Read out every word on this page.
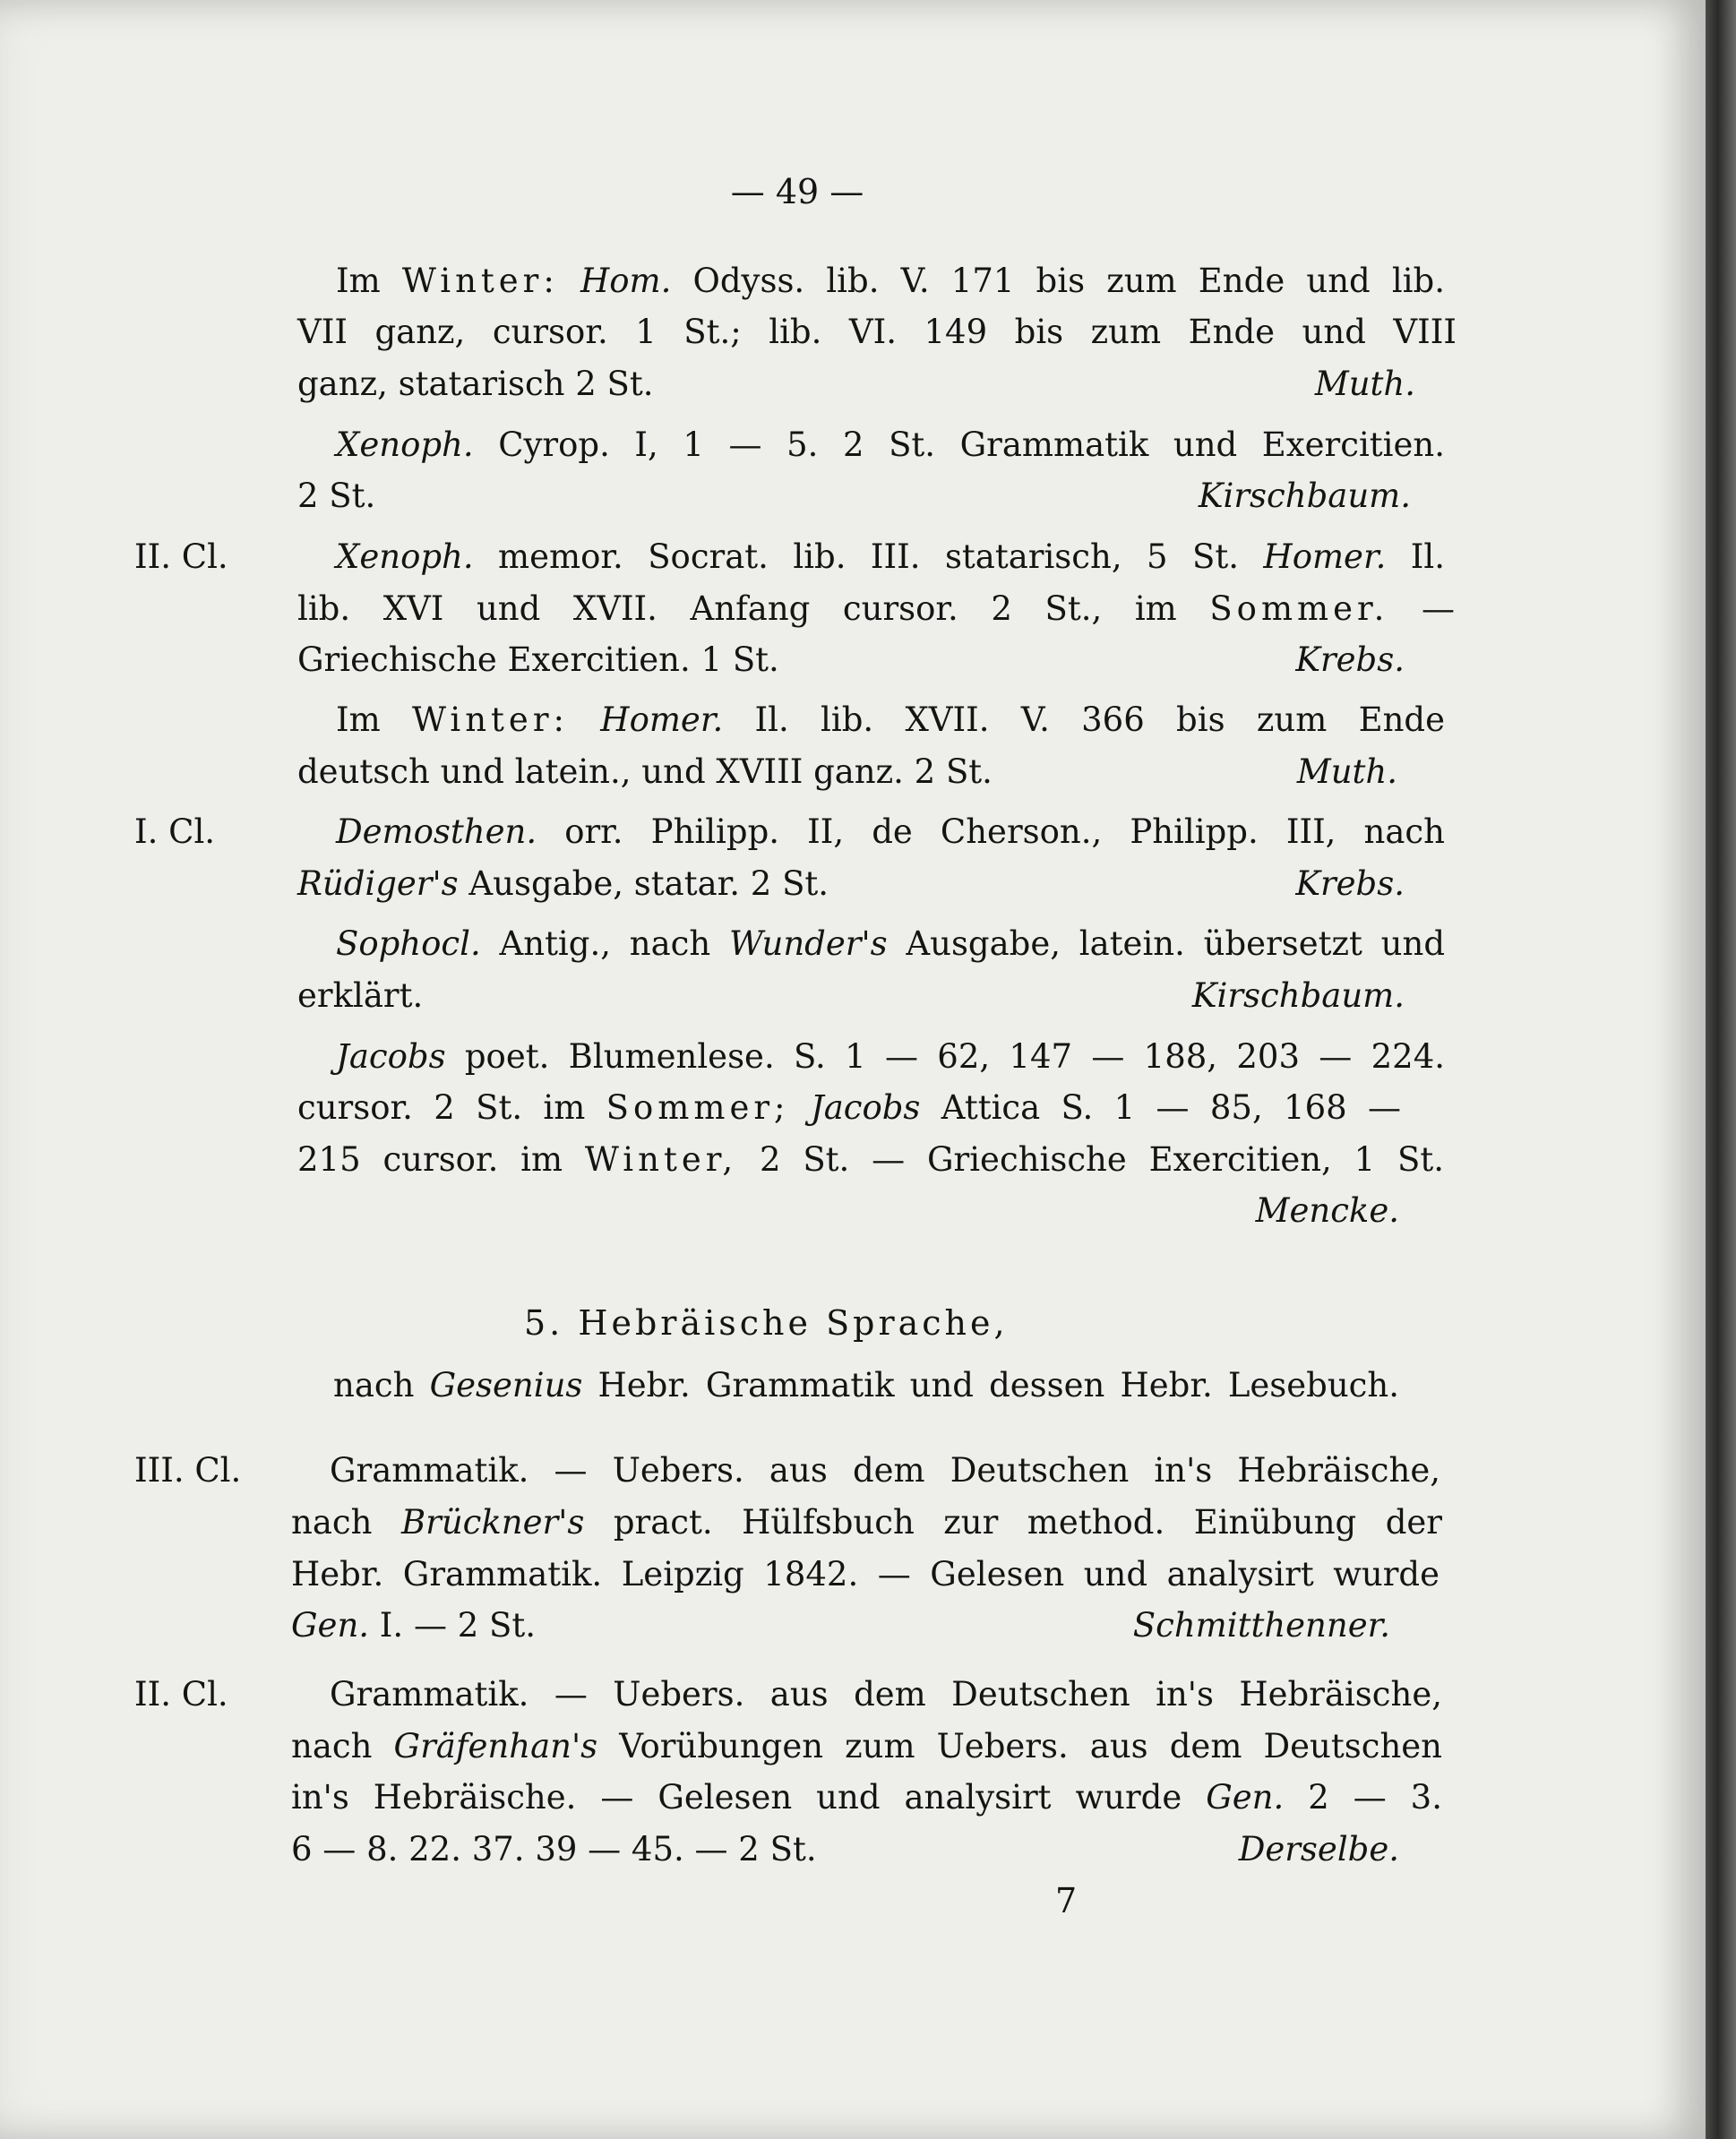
— 49 —
Im Winter: Hom. Odyss. lib. V. 171 bis zum Ende und lib.
VII ganz, cursor. 1 St.; lib. VI. 149 bis zum Ende und VIII
ganz, statarisch 2 St.	Muth.
Xenoph. Cyrop. I, 1 — 5. 2 St. Grammatik und Exercitien.
2 St.	Kirschbaum.
II. Cl.	Xenoph. memor. Socrat. lib. III. statarisch, 5 St. Homer. Il.
lib. XVI und XVII. Anfang cursor. 2 St., im Sommer. —
Griechische Exercitien. 1 St.	Krebs.
Im Winter: Homer. Il. lib. XVII. V. 366 bis zum Ende
deutsch und latein., und XVIII ganz. 2 St.	Muth.
I. Cl.	Demosthen. orr. Philipp. II, de Cherson., Philipp. III, nach
Rüdiger's Ausgabe, statar. 2 St.	Krebs.
Sophocl. Antig., nach Wunder's Ausgabe, latein. übersetzt und
erklärt.	Kirschbaum.
Jacobs poet. Blumenlese. S. 1 — 62, 147 — 188, 203 — 224.
cursor. 2 St. im Sommer; Jacobs Attica S. 1 — 85, 168 —
215 cursor. im Winter, 2 St. — Griechische Exercitien, 1 St.
Mencke.
5. Hebräische Sprache,
nach Gesenius Hebr. Grammatik und dessen Hebr. Lesebuch.
III. Cl.	Grammatik. — Uebers. aus dem Deutschen in's Hebräische,
nach Brückner's pract. Hülfsbuch zur method. Einübung der
Hebr. Grammatik. Leipzig 1842. — Gelesen und analysirt wurde
Gen. I. — 2 St.	Schmitthenner.
II. Cl.	Grammatik. — Uebers. aus dem Deutschen in's Hebräische,
nach Gräfenhan's Vorübungen zum Uebers. aus dem Deutschen
in's Hebräische. — Gelesen und analysirt wurde Gen. 2 — 3.
6 — 8. 22. 37. 39 — 45. — 2 St.	Derselbe.
7
